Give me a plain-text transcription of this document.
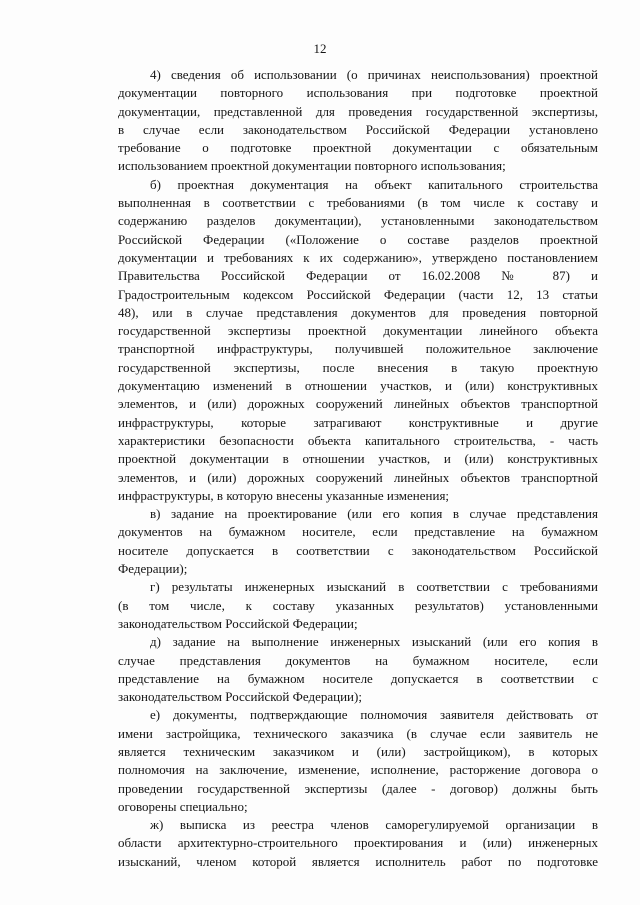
12
4) сведения об использовании (о причинах неиспользования) проектной
документации повторного использования при подготовке проектной
документации, представленной для проведения государственной экспертизы,
в случае если законодательством Российской Федерации установлено
требование о подготовке проектной документации с обязательным
использованием проектной документации повторного использования;
б) проектная документация на объект капитального строительства
выполненная в соответствии с требованиями (в том числе к составу и
содержанию разделов документации), установленными законодательством
Российской Федерации («Положение о составе разделов проектной
документации и требованиях к их содержанию», утверждено постановлением
Правительства Российской Федерации от 16.02.2008 № 87) и
Градостроительным кодексом Российской Федерации (части 12, 13 статьи
48), или в случае представления документов для проведения повторной
государственной экспертизы проектной документации линейного объекта
транспортной инфраструктуры, получившей положительное заключение
государственной экспертизы, после внесения в такую проектную
документацию изменений в отношении участков, и (или) конструктивных
элементов, и (или) дорожных сооружений линейных объектов транспортной
инфраструктуры, которые затрагивают конструктивные и другие
характеристики безопасности объекта капитального строительства, - часть
проектной документации в отношении участков, и (или) конструктивных
элементов, и (или) дорожных сооружений линейных объектов транспортной
инфраструктуры, в которую внесены указанные изменения;
в) задание на проектирование (или его копия в случае представления
документов на бумажном носителе, если представление на бумажном
носителе допускается в соответствии с законодательством Российской
Федерации);
г) результаты инженерных изысканий в соответствии с требованиями
(в том числе, к составу указанных результатов) установленными
законодательством Российской Федерации;
д) задание на выполнение инженерных изысканий (или его копия в
случае представления документов на бумажном носителе, если
представление на бумажном носителе допускается в соответствии с
законодательством Российской Федерации);
е) документы, подтверждающие полномочия заявителя действовать от
имени застройщика, технического заказчика (в случае если заявитель не
является техническим заказчиком и (или) застройщиком), в которых
полномочия на заключение, изменение, исполнение, расторжение договора о
проведении государственной экспертизы (далее - договор) должны быть
оговорены специально;
ж) выписка из реестра членов саморегулируемой организации в
области архитектурно-строительного проектирования и (или) инженерных
изысканий, членом которой является исполнитель работ по подготовке
